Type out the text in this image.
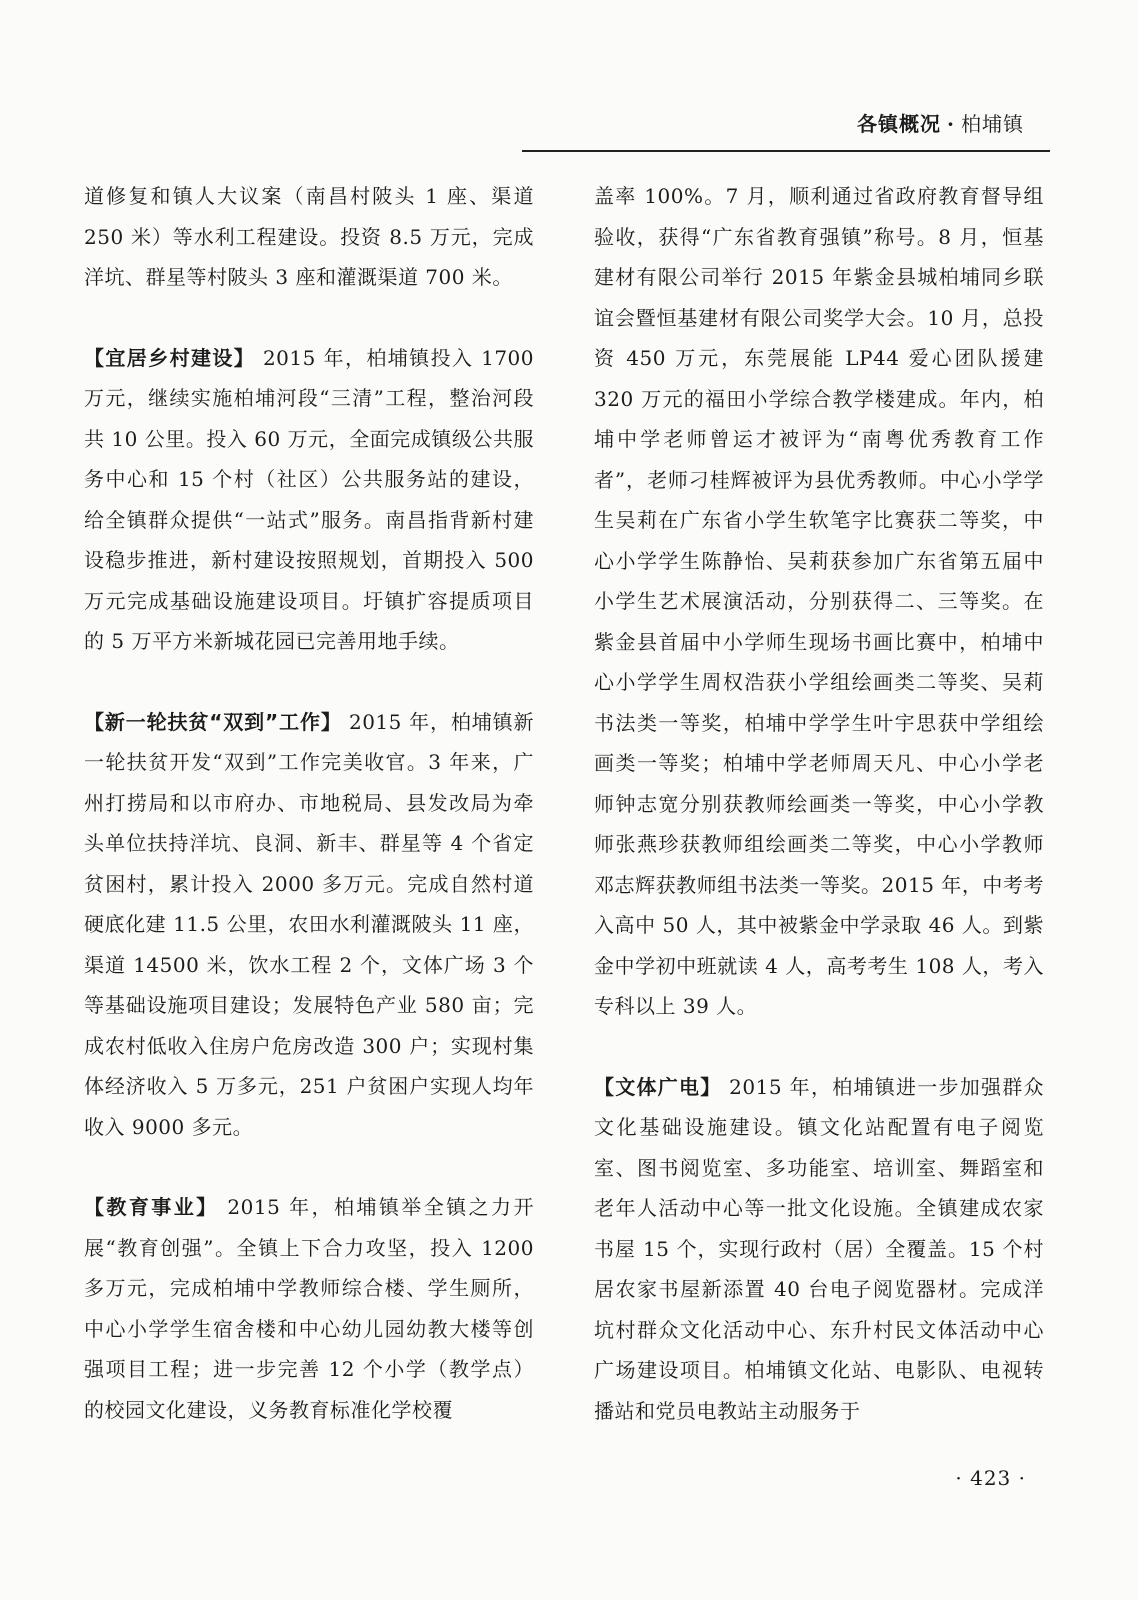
各镇概况 · 柏埔镇

道修复和镇人大议案（南昌村陂头 1 座、渠道 250 米）等水利工程建设。投资 8.5 万元，完成洋坑、群星等村陂头 3 座和灌溉渠道 700 米。

【宜居乡村建设】 2015 年，柏埔镇投入 1700 万元，继续实施柏埔河段“三清”工程，整治河段共 10 公里。投入 60 万元，全面完成镇级公共服务中心和 15 个村（社区）公共服务站的建设，给全镇群众提供“一站式”服务。南昌指背新村建设稳步推进，新村建设按照规划，首期投入 500 万元完成基础设施建设项目。圩镇扩容提质项目的 5 万平方米新城花园已完善用地手续。

【新一轮扶贫“双到”工作】 2015 年，柏埔镇新一轮扶贫开发“双到”工作完美收官。3 年来，广州打捞局和以市府办、市地税局、县发改局为牵头单位扶持洋坑、良洞、新丰、群星等 4 个省定贫困村，累计投入 2000 多万元。完成自然村道硬底化建 11.5 公里，农田水利灌溉陂头 11 座，渠道 14500 米，饮水工程 2 个，文体广场 3 个等基础设施项目建设；发展特色产业 580 亩；完成农村低收入住房户危房改造 300 户；实现村集体经济收入 5 万多元，251 户贫困户实现人均年收入 9000 多元。

【教育事业】 2015 年，柏埔镇举全镇之力开展“教育创强”。全镇上下合力攻坚，投入 1200 多万元，完成柏埔中学教师综合楼、学生厕所，中心小学学生宿舍楼和中心幼儿园幼教大楼等创强项目工程；进一步完善 12 个小学（教学点）的校园文化建设，义务教育标准化学校覆

盖率 100%。7 月，顺利通过省政府教育督导组验收，获得“广东省教育强镇”称号。8 月，恒基建材有限公司举行 2015 年紫金县城柏埔同乡联谊会暨恒基建材有限公司奖学大会。10 月，总投资 450 万元，东莞展能 LP44 爱心团队援建 320 万元的福田小学综合教学楼建成。年内，柏埔中学老师曾运才被评为“南粤优秀教育工作者”，老师刁桂辉被评为县优秀教师。中心小学学生吴莉在广东省小学生软笔字比赛获二等奖，中心小学学生陈静怡、吴莉获参加广东省第五届中小学生艺术展演活动，分别获得二、三等奖。在紫金县首届中小学师生现场书画比赛中，柏埔中心小学学生周权浩获小学组绘画类二等奖、吴莉书法类一等奖，柏埔中学学生叶宇思获中学组绘画类一等奖；柏埔中学老师周天凡、中心小学老师钟志宽分别获教师绘画类一等奖，中心小学教师张燕珍获教师组绘画类二等奖，中心小学教师邓志辉获教师组书法类一等奖。2015 年，中考考入高中 50 人，其中被紫金中学录取 46 人。到紫金中学初中班就读 4 人，高考考生 108 人，考入专科以上 39 人。

【文体广电】 2015 年，柏埔镇进一步加强群众文化基础设施建设。镇文化站配置有电子阅览室、图书阅览室、多功能室、培训室、舞蹈室和老年人活动中心等一批文化设施。全镇建成农家书屋 15 个，实现行政村（居）全覆盖。15 个村居农家书屋新添置 40 台电子阅览器材。完成洋坑村群众文化活动中心、东升村民文体活动中心广场建设项目。柏埔镇文化站、电影队、电视转播站和党员电教站主动服务于

· 423 ·
